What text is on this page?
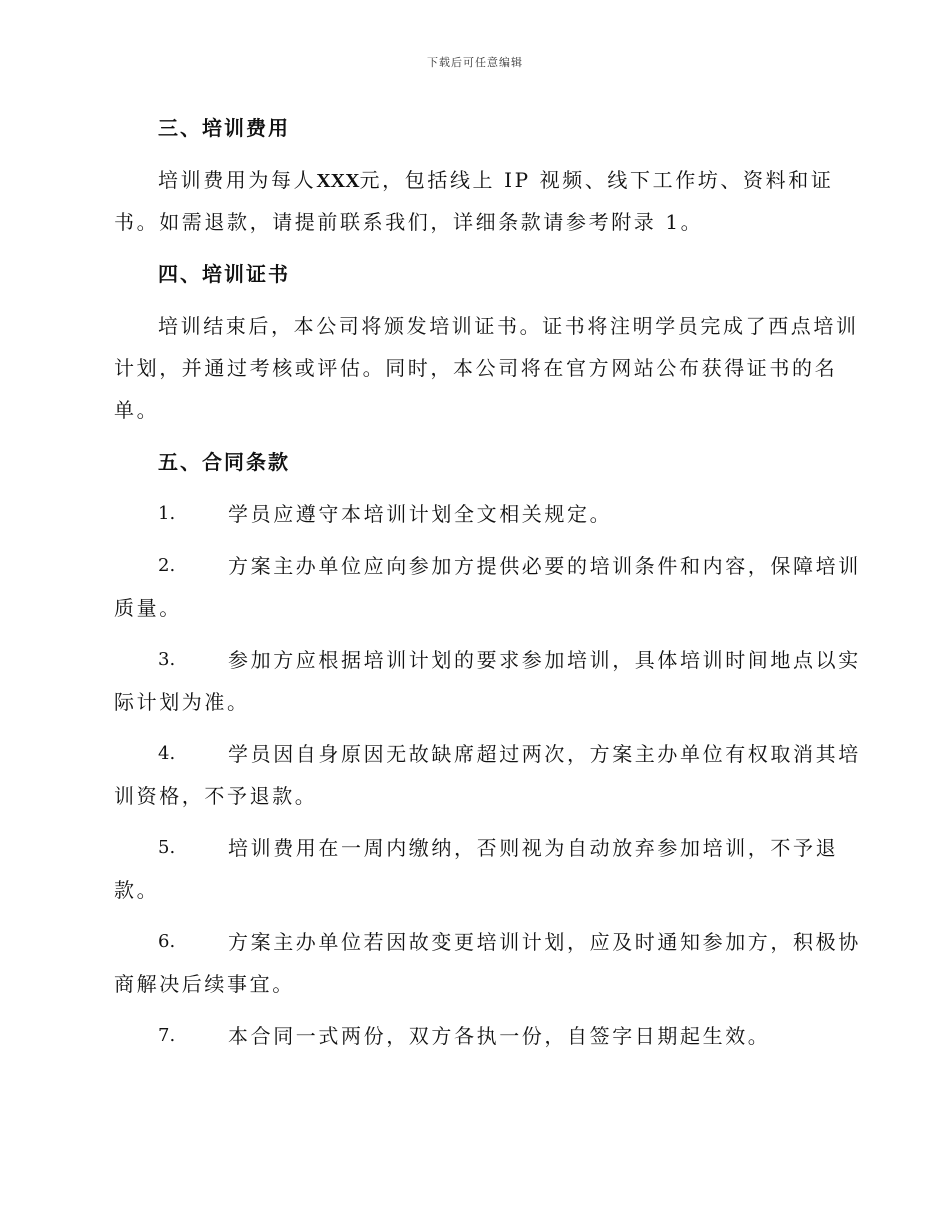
下载后可任意编辑
三、培训费用
培训费用为每人XXX元，包括线上 IP 视频、线下工作坊、资料和证
书。如需退款，请提前联系我们，详细条款请参考附录 1。
四、培训证书
培训结束后，本公司将颁发培训证书。证书将注明学员完成了西点培训
计划，并通过考核或评估。同时，本公司将在官方网站公布获得证书的名
单。
五、合同条款
1.	学员应遵守本培训计划全文相关规定。
2.	方案主办单位应向参加方提供必要的培训条件和内容，保障培训
质量。
3.	参加方应根据培训计划的要求参加培训，具体培训时间地点以实
际计划为准。
4.	学员因自身原因无故缺席超过两次，方案主办单位有权取消其培
训资格，不予退款。
5.	培训费用在一周内缴纳，否则视为自动放弃参加培训，不予退
款。
6.	方案主办单位若因故变更培训计划，应及时通知参加方，积极协
商解决后续事宜。
7.	本合同一式两份，双方各执一份，自签字日期起生效。
